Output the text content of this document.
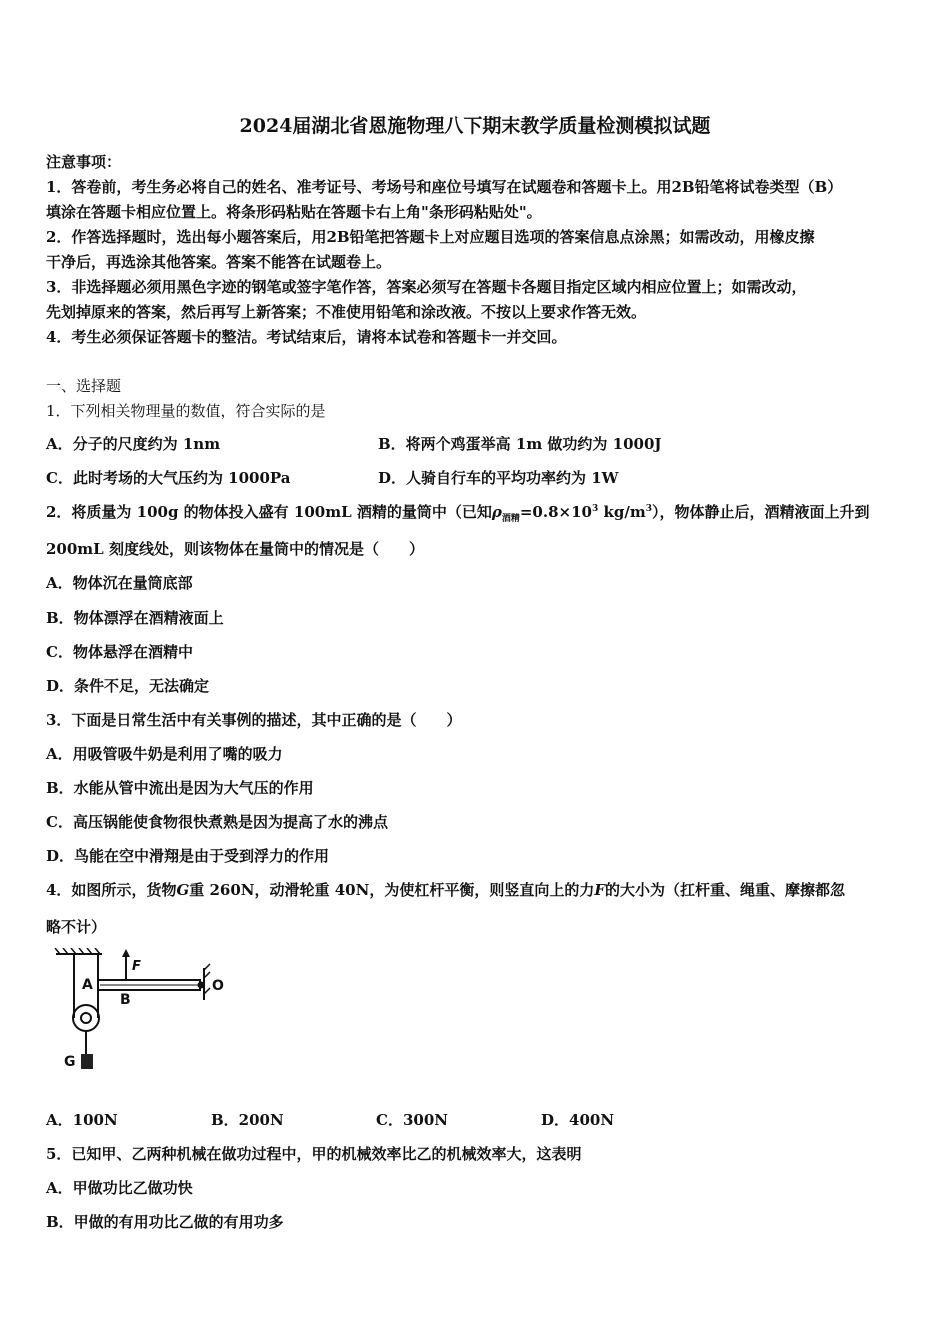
2024届湖北省恩施物理八下期末教学质量检测模拟试题
注意事项：
1．答卷前，考生务必将自己的姓名、准考证号、考场号和座位号填写在试题卷和答题卡上。用2B铅笔将试卷类型（B）
填涂在答题卡相应位置上。将条形码粘贴在答题卡右上角"条形码粘贴处"。
2．作答选择题时，选出每小题答案后，用2B铅笔把答题卡上对应题目选项的答案信息点涂黑；如需改动，用橡皮擦
干净后，再选涂其他答案。答案不能答在试题卷上。
3．非选择题必须用黑色字迹的钢笔或签字笔作答，答案必须写在答题卡各题目指定区域内相应位置上；如需改动，
先划掉原来的答案，然后再写上新答案；不准使用铅笔和涂改液。不按以上要求作答无效。
4．考生必须保证答题卡的整洁。考试结束后，请将本试卷和答题卡一并交回。
一、选择题
1．下列相关物理量的数值，符合实际的是
A．分子的尺度约为 1nm	B．将两个鸡蛋举高 1m 做功约为 1000J
C．此时考场的大气压约为 1000Pa	D．人骑自行车的平均功率约为 1W
2．将质量为 100g 的物体投入盛有 100mL 酒精的量筒中（已知$\rho_{酒精}=0.8\times 10^3$ $kg/m^3$），物体静止后，酒精液面上升到
200mL 刻度线处，则该物体在量筒中的情况是（　　）
A．物体沉在量筒底部
B．物体漂浮在酒精液面上
C．物体悬浮在酒精中
D．条件不足，无法确定
3．下面是日常生活中有关事例的描述，其中正确的是（　　）
A．用吸管吸牛奶是利用了嘴的吸力
B．水能从管中流出是因为大气压的作用
C．高压锅能使食物很快煮熟是因为提高了水的沸点
D．鸟能在空中滑翔是由于受到浮力的作用
4．如图所示，货物G重 260N，动滑轮重 40N，为使杠杆平衡，则竖直向上的力F的大小为（扛杆重、绳重、摩擦都忽
略不计）
F
A
B
O
G
A．100N	B．200N	C．300N	D．400N
5．已知甲、乙两种机械在做功过程中，甲的机械效率比乙的机械效率大，这表明
A．甲做功比乙做功快
B．甲做的有用功比乙做的有用功多
